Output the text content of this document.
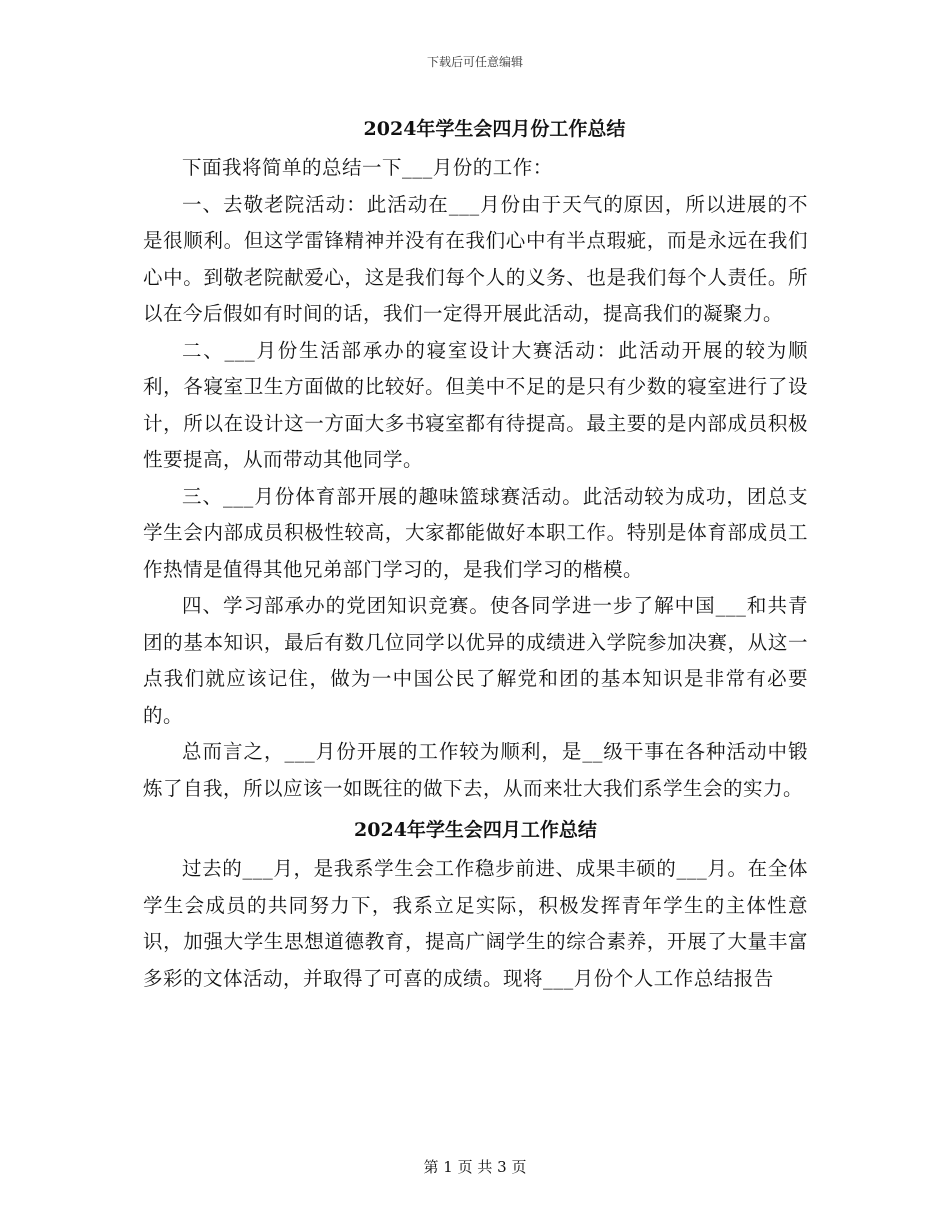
下载后可任意编辑
2024年学生会四月份工作总结

下面我将简单的总结一下___月份的工作：

一、去敬老院活动：此活动在___月份由于天气的原因，所以进展的不是很顺利。但这学雷锋精神并没有在我们心中有半点瑕疵，而是永远在我们心中。到敬老院献爱心，这是我们每个人的义务、也是我们每个人责任。所以在今后假如有时间的话，我们一定得开展此活动，提高我们的凝聚力。

二、___月份生活部承办的寝室设计大赛活动：此活动开展的较为顺利，各寝室卫生方面做的比较好。但美中不足的是只有少数的寝室进行了设计，所以在设计这一方面大多书寝室都有待提高。最主要的是内部成员积极性要提高，从而带动其他同学。

三、___月份体育部开展的趣味篮球赛活动。此活动较为成功，团总支学生会内部成员积极性较高，大家都能做好本职工作。特别是体育部成员工作热情是值得其他兄弟部门学习的，是我们学习的楷模。

四、学习部承办的党团知识竞赛。使各同学进一步了解中国___和共青团的基本知识，最后有数几位同学以优异的成绩进入学院参加决赛，从这一点我们就应该记住，做为一中国公民了解党和团的基本知识是非常有必要的。

总而言之，___月份开展的工作较为顺利，是__级干事在各种活动中锻炼了自我，所以应该一如既往的做下去，从而来壮大我们系学生会的实力。

2024年学生会四月工作总结

过去的___月，是我系学生会工作稳步前进、成果丰硕的___月。在全体学生会成员的共同努力下，我系立足实际，积极发挥青年学生的主体性意识，加强大学生思想道德教育，提高广阔学生的综合素养，开展了大量丰富多彩的文体活动，并取得了可喜的成绩。现将___月份个人工作总结报告

第 1 页 共 3 页
